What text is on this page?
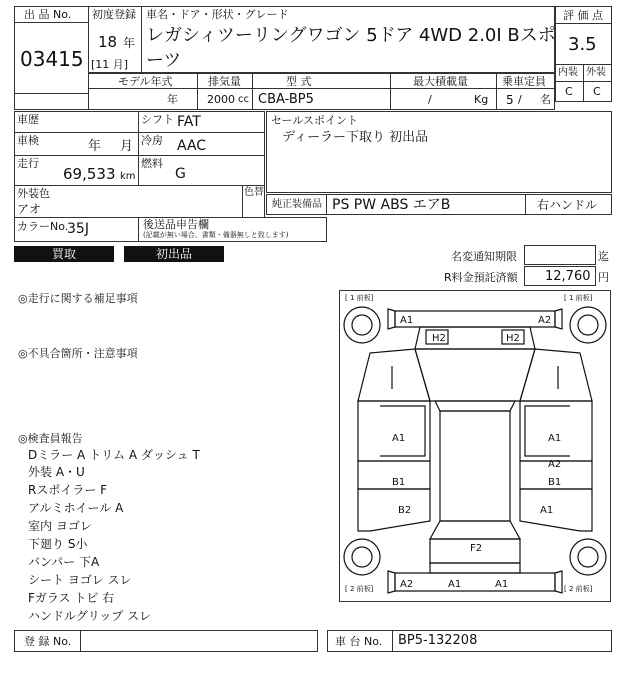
出 品 No.
03415
初度登録
18 年
[11 月]
車名・ドア・形状・グレード
レガシィツーリングワゴン 5ドア 4WD 2.0I Bスポ
ーツ
評 価 点
3.5
内装 外装
C C
モデル年式	排気量	型 式	最大積載量	乗車定員
年	2000 cc CBA-BP5	/	Kg 5 / 名
車歴	シフト FAT
車検	年 月 冷房 AAC
走行
69,533 km
燃料
G
外装色
アオ
色替
カラーNo.
35J	後送品申告欄
(記載が無い場合、書類・備器無しと致します)
セールスポイント
ディーラー下取り 初出品
純正装備品 PS PW ABS エアB	右ハンドル
買取	初出品	名変通知期限	迄
R料金預託済額 12,760 円
◎走行に関する補足事項
◎不具合箇所・注意事項
◎検査員報告
Dミラー A トリム A ダッシュ T
外装 A・U
Rスポイラー F
アルミホイール A
室内 ヨゴレ
下廻り S小
バンパー 下A
シート ヨゴレ スレ
Fガラス トビ 右
ハンドルグリップ スレ
[ 1 前板]	[ 1 前板]
[ 2 前板]	[ 2 前板]
A1	A2
H2	H2
A1	A1
A2
B1
B1
B2	A1
F2
A2	A1	A1
登 録 No.	車 台 No. BP5-132208
